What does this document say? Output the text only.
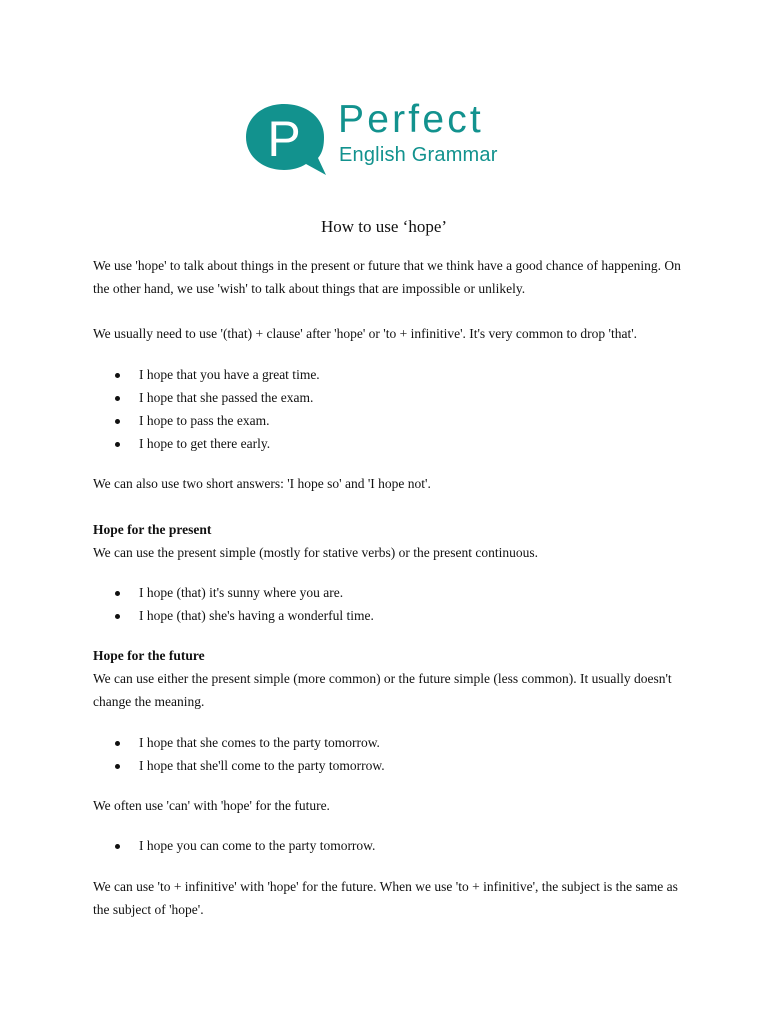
P Perfect
English Grammar
How to use ‘hope’

We use 'hope' to talk about things in the present or future that we think have a good chance of happening. On the other hand, we use 'wish' to talk about things that are impossible or unlikely.

We usually need to use '(that) + clause' after 'hope' or 'to + infinitive'. It's very common to drop 'that'.

I hope that you have a great time.
I hope that she passed the exam.
I hope to pass the exam.
I hope to get there early.

We can also use two short answers: 'I hope so' and 'I hope not'.

Hope for the present

We can use the present simple (mostly for stative verbs) or the present continuous.

I hope (that) it's sunny where you are.
I hope (that) she's having a wonderful time.
Hope for the future

We can use either the present simple (more common) or the future simple (less common). It usually doesn't change the meaning.

I hope that she comes to the party tomorrow.
I hope that she'll come to the party tomorrow.

We often use 'can' with 'hope' for the future.

I hope you can come to the party tomorrow.

We can use 'to + infinitive' with 'hope' for the future. When we use 'to + infinitive', the subject is the same as the subject of 'hope'.
